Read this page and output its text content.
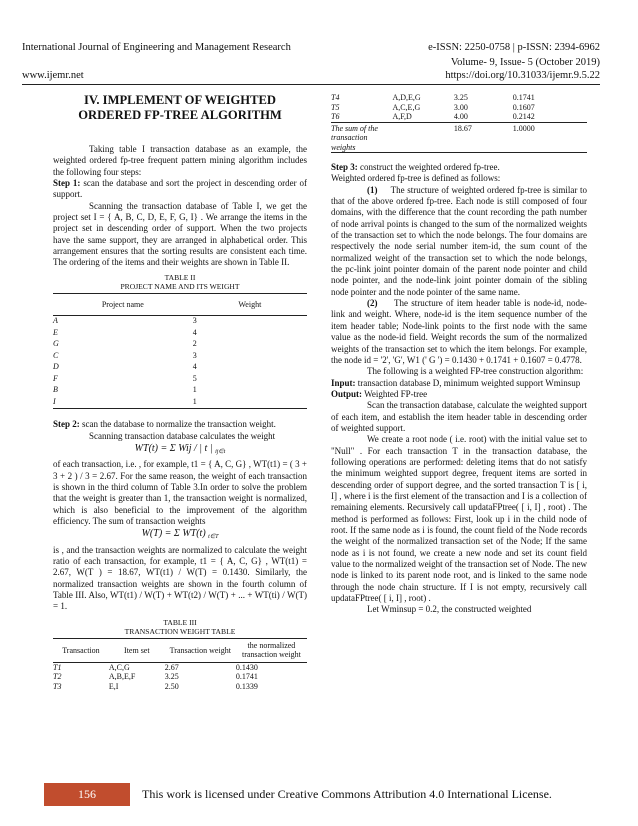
International Journal of Engineering and Management Research	e-ISSN: 2250-0758 | p-ISSN: 2394-6962
Volume- 9, Issue- 5 (October 2019)
www.ijemr.net	https://doi.org/10.31033/ijemr.9.5.22
IV. IMPLEMENT OF WEIGHTED ORDERED FP-TREE ALGORITHM

Taking table I transaction database as an example, the weighted ordered fp-tree frequent pattern mining algorithm includes the following four steps:

Step 1: scan the database and sort the project in descending order of support.

Scanning the transaction database of Table I, we get the project set I = { A, B, C, D, E, F, G, I} . We arrange the items in the project set in descending order of support. When the two projects have the same support, they are arranged in alphabetical order. This arrangement ensures that the sorting results are consistent each time. The ordering of the items and their weights are shown in Table II.

TABLE II
PROJECT NAME AND ITS WEIGHT
Project name	Weight
A	3
E	4
G	2
C	3
D	4
F	5
B	1
I	1

Step 2: scan the database to normalize the transaction weight.

Scanning transaction database calculates the weight

WT(t) = Σ Wij / | t | $_{ij\in t}$

of each transaction, i.e. , for example, t1 = { A, C, G} , WT(t1) = ( 3 + 3 + 2 ) / 3 = 2.67. For the same reason, the weight of each transaction is shown in the third column of Table 3.In order to solve the problem that the weight is greater than 1, the transaction weight is normalized, which is also beneficial to the improvement of the algorithm efficiency. The sum of transaction weights

W(T) = Σ WT(t) $_{t\in T}$

is , and the transaction weights are normalized to calculate the weight ratio of each transaction, for example, t1 = { A, C, G} , WT(t1) = 2.67, W(T ) = 18.67, WT(t1) / W(T) = 0.1430. Similarly, the normalized transaction weights are shown in the fourth column of Table III. Also, WT(t1) / W(T) + WT(t2) / W(T) + ... + WT(ti) / W(T) = 1.

TABLE III
TRANSACTION WEIGHT TABLE
Transaction	Item set	Transaction weight	the normalized transaction weight
T1	A,C,G	2.67	0.1430
T2	A,B,E,F	3.25	0.1741
T3	E,I	2.50	0.1339
T4	A,D,E,G	3.25	0.1741
T5	A,C,E,G	3.00	0.1607
T6	A,F,D	4.00	0.2142
The sum of the transaction weights		18.67	1.0000

Step 3: construct the weighted ordered fp-tree.

Weighted ordered fp-tree is defined as follows:

(1) The structure of weighted ordered fp-tree is similar to that of the above ordered fp-tree. Each node is still composed of four domains, with the difference that the count recording the path number of node arrival points is changed to the sum of the normalized weights of the transaction set to which the node belongs. The four domains are respectively the node serial number item-id, the sum count of the normalized weight of the transaction set to which the node belongs, the pc-link joint pointer domain of the parent node pointer and child node pointer, and the node-link joint pointer domain of the sibling node pointer and the node pointer of the same name.

(2) The structure of item header table is node-id, node-link and weight. Where, node-id is the item sequence number of the item header table; Node-link points to the first node with the same value as the node-id field. Weight records the sum of the normalized weights of the transaction set to which the item belongs. For example, the node id = '2', 'G', W1 (' G ') = 0.1430 + 0.1741 + 0.1607 = 0.4778.

The following is a weighted FP-tree construction algorithm:

Input: transaction database D, minimum weighted support Wminsup

Output: Weighted FP-tree

Scan the transaction database, calculate the weighted support of each item, and establish the item header table in descending order of weighted support.

We create a root node ( i.e. root) with the initial value set to "Null" . For each transaction T in the transaction database, the following operations are performed: deleting items that do not satisfy the minimum weighted support degree, frequent items are sorted in descending order of support degree, and the sorted transaction T is [ i, I] , where i is the first element of the transaction and I is a collection of remaining elements. Recursively call updataFPtree( [ i, I] , root) . The method is performed as follows: First, look up i in the child node of root. If the same node as i is found, the count field of the Node records the weight of the normalized transaction set of the Node; If the same node as i is not found, we create a new node and set its count field value to the normalized weight of the transaction set of Node. The new node is linked to its parent node root, and is linked to the same node through the node chain structure. If I is not empty, recursively call updataFPtree( [ i, I] , root) .

Let Wminsup = 0.2, the constructed weighted

156	This work is licensed under Creative Commons Attribution 4.0 International License.
